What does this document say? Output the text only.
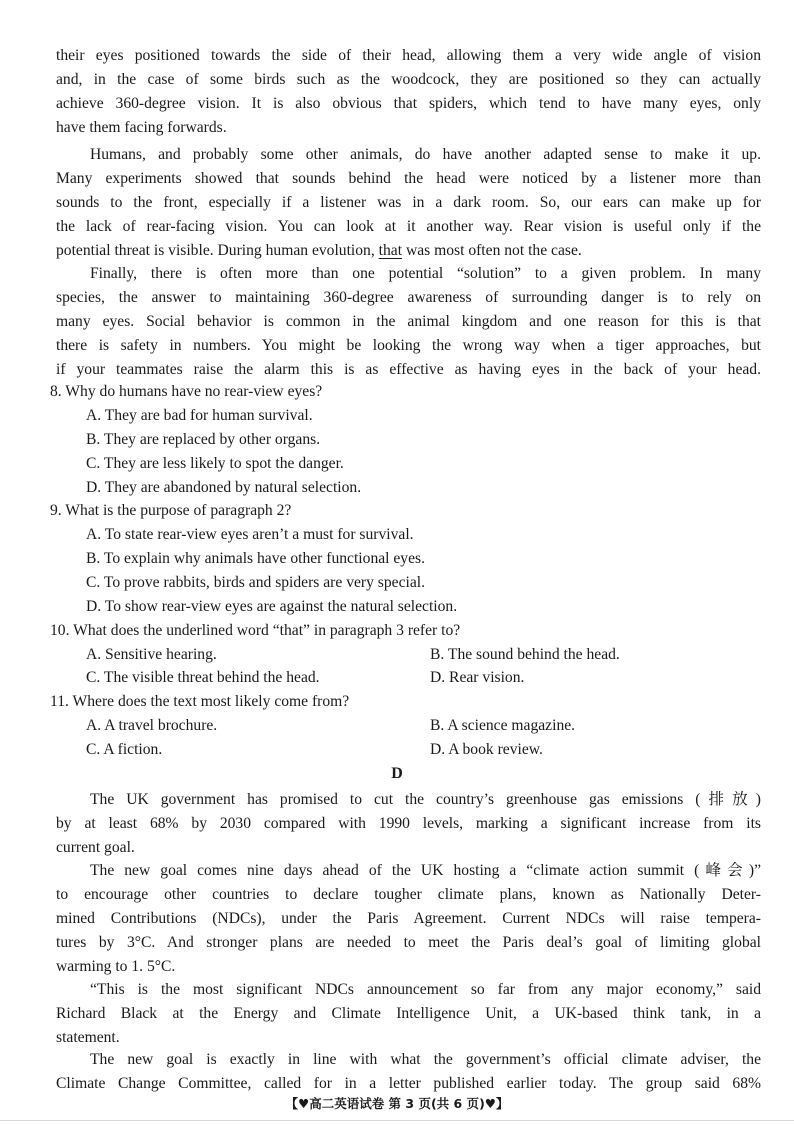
their eyes positioned towards the side of their head, allowing them a very wide angle of vision
and, in the case of some birds such as the woodcock, they are positioned so they can actually
achieve 360-degree vision. It is also obvious that spiders, which tend to have many eyes, only
have them facing forwards.
Humans, and probably some other animals, do have another adapted sense to make it up.
Many experiments showed that sounds behind the head were noticed by a listener more than
sounds to the front, especially if a listener was in a dark room. So, our ears can make up for
the lack of rear-facing vision. You can look at it another way. Rear vision is useful only if the
potential threat is visible. During human evolution, that was most often not the case.
Finally, there is often more than one potential “solution” to a given problem. In many
species, the answer to maintaining 360-degree awareness of surrounding danger is to rely on
many eyes. Social behavior is common in the animal kingdom and one reason for this is that
there is safety in numbers. You might be looking the wrong way when a tiger approaches, but
if your teammates raise the alarm this is as effective as having eyes in the back of your head.
8. Why do humans have no rear-view eyes?
A. They are bad for human survival.
B. They are replaced by other organs.
C. They are less likely to spot the danger.
D. They are abandoned by natural selection.
9. What is the purpose of paragraph 2?
A. To state rear-view eyes aren’t a must for survival.
B. To explain why animals have other functional eyes.
C. To prove rabbits, birds and spiders are very special.
D. To show rear-view eyes are against the natural selection.
10. What does the underlined word “that” in paragraph 3 refer to?
A. Sensitive hearing.	B. The sound behind the head.
C. The visible threat behind the head.	D. Rear vision.
11. Where does the text most likely come from?
A. A travel brochure.	B. A science magazine.
C. A fiction.	D. A book review.
D
The UK government has promised to cut the country’s greenhouse gas emissions (排放)
by at least 68% by 2030 compared with 1990 levels, marking a significant increase from its
current goal.
The new goal comes nine days ahead of the UK hosting a “climate action summit (峰会)”
to encourage other countries to declare tougher climate plans, known as Nationally Deter-
mined Contributions (NDCs), under the Paris Agreement. Current NDCs will raise tempera-
tures by 3°C. And stronger plans are needed to meet the Paris deal’s goal of limiting global
warming to 1. 5°C.
“This is the most significant NDCs announcement so far from any major economy,” said
Richard Black at the Energy and Climate Intelligence Unit, a UK-based think tank, in a
statement.
The new goal is exactly in line with what the government’s official climate adviser, the
Climate Change Committee, called for in a letter published earlier today. The group said 68%
【♥高二英语试卷 第 3 页(共 6 页)♥】
